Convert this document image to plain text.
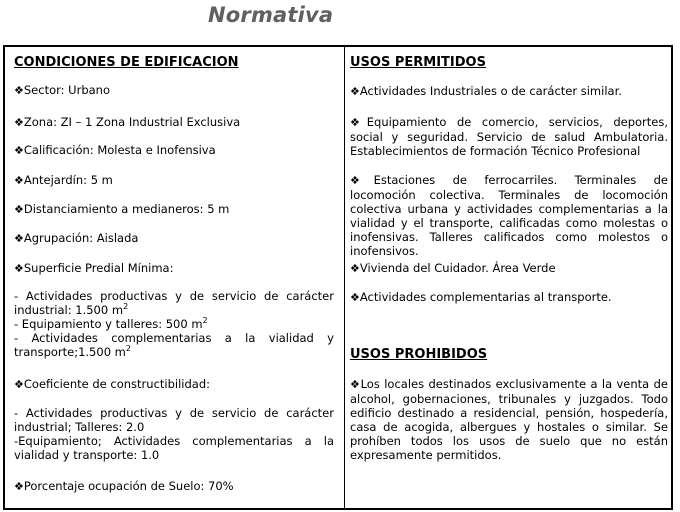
Normativa
CONDICIONES DE EDIFICACION
❖Sector: Urbano
❖Zona: ZI – 1 Zona Industrial Exclusiva
❖Calificación: Molesta e Inofensiva
❖Antejardín: 5 m
❖Distanciamiento a medianeros: 5 m
❖Agrupación: Aislada
❖Superficie Predial Mínima:
- Actividades productivas y de servicio de carácter industrial: 1.500 $m^2$
- Equipamiento y talleres: 500 $m^2$
- Actividades complementarias a la vialidad y transporte;1.500 $m^2$
❖Coeficiente de constructibilidad:
- Actividades productivas y de servicio de carácter industrial; Talleres: 2.0
-Equipamiento; Actividades complementarias a la vialidad y transporte: 1.0
❖Porcentaje ocupación de Suelo: 70%
USOS PERMITIDOS
❖Actividades Industriales o de carácter similar.
❖Equipamiento de comercio, servicios, deportes, social y seguridad. Servicio de salud Ambulatoria. Establecimientos de formación Técnico Profesional
❖Estaciones de ferrocarriles. Terminales de locomoción colectiva. Terminales de locomoción colectiva urbana y actividades complementarias a la vialidad y el transporte, calificadas como molestas o inofensivas. Talleres calificados como molestos o inofensivos.
❖Vivienda del Cuidador. Área Verde
❖Actividades complementarias al transporte.
USOS PROHIBIDOS
❖Los locales destinados exclusivamente a la venta de alcohol, gobernaciones, tribunales y juzgados. Todo edificio destinado a residencial, pensión, hospedería, casa de acogida, albergues y hostales o similar. Se prohíben todos los usos de suelo que no están expresamente permitidos.
